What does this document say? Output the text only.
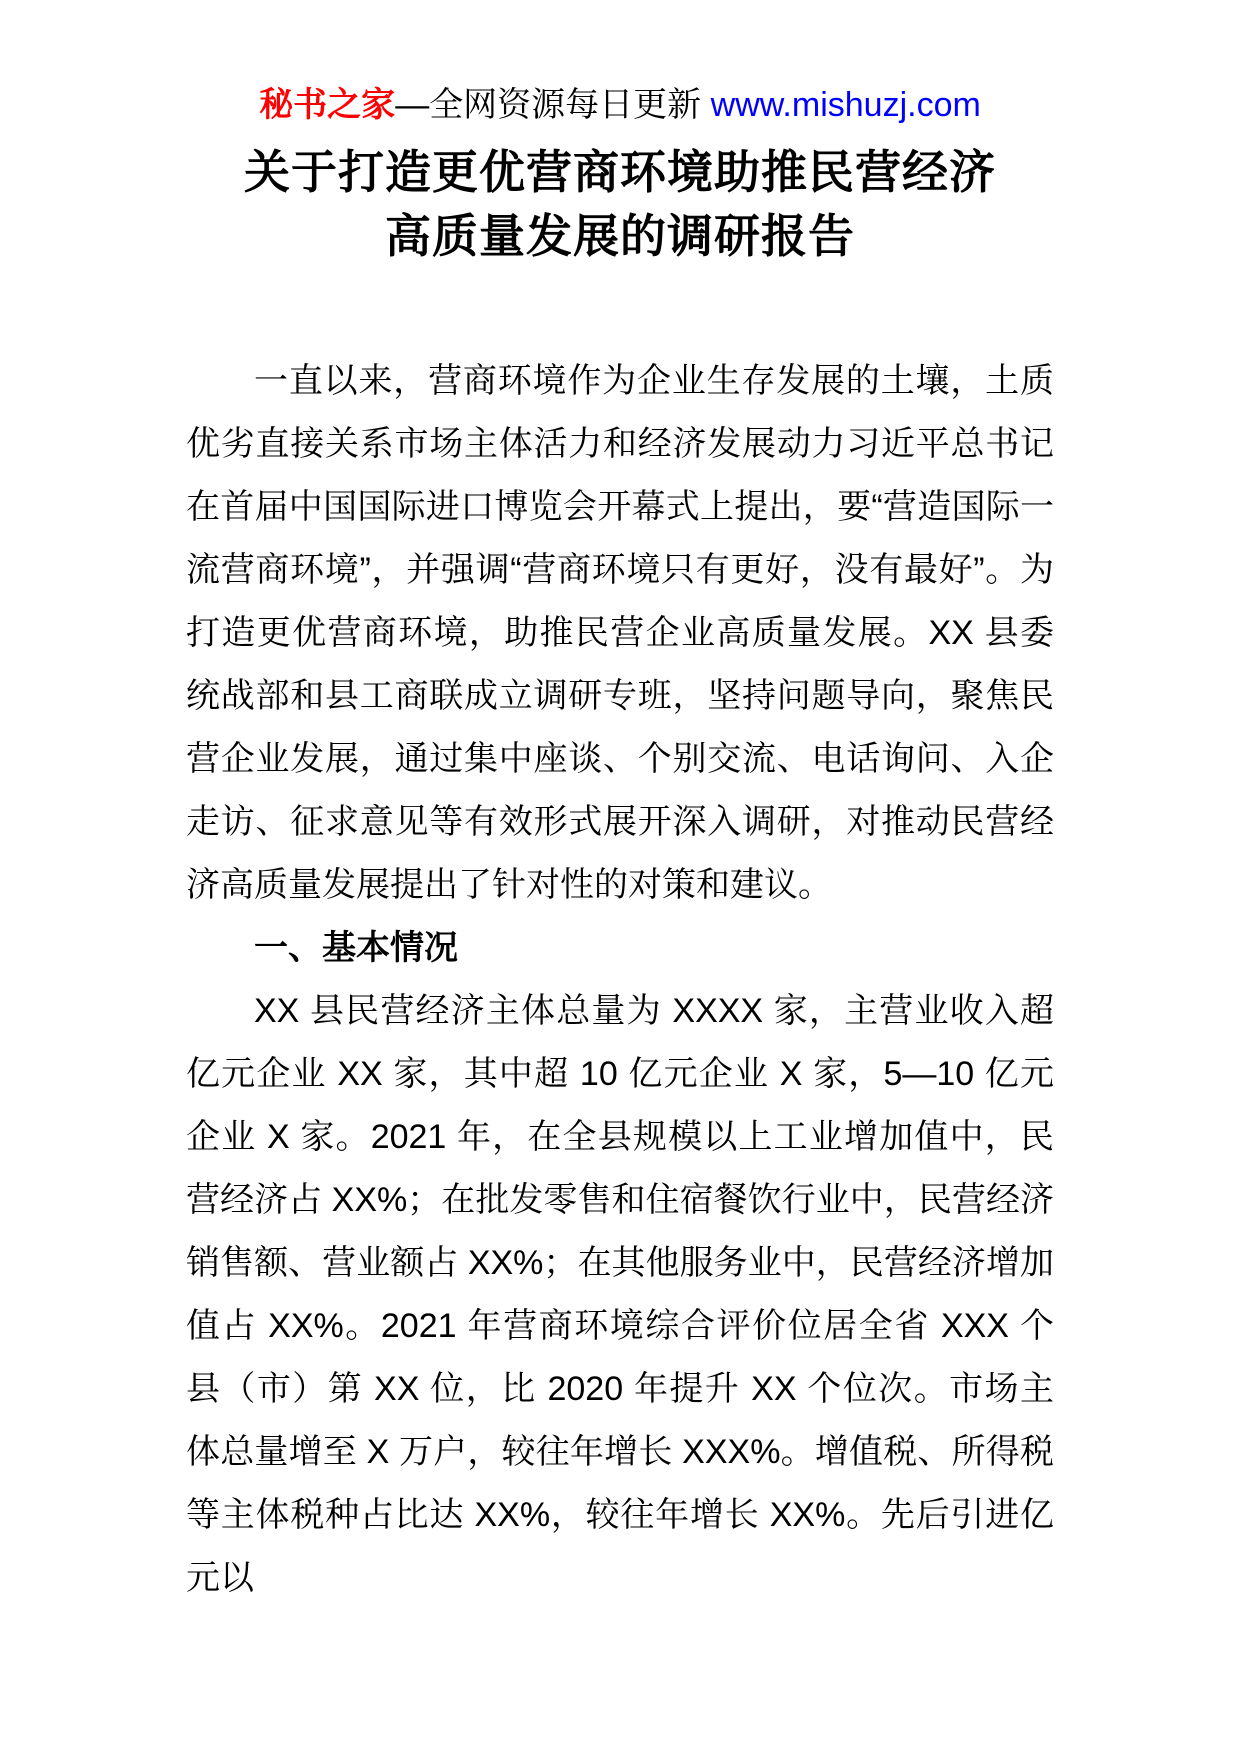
秘书之家—全网资源每日更新 www.mishuzj.com
关于打造更优营商环境助推民营经济
高质量发展的调研报告

一直以来，营商环境作为企业生存发展的土壤，土质优劣直接关系市场主体活力和经济发展动力习近平总书记在首届中国国际进口博览会开幕式上提出，要“营造国际一流营商环境”，并强调“营商环境只有更好，没有最好”。为打造更优营商环境，助推民营企业高质量发展。XX 县委统战部和县工商联成立调研专班，坚持问题导向，聚焦民营企业发展，通过集中座谈、个别交流、电话询问、入企走访、征求意见等有效形式展开深入调研，对推动民营经济高质量发展提出了针对性的对策和建议。

一、基本情况

XX 县民营经济主体总量为 XXXX 家，主营业收入超亿元企业 XX 家，其中超 10 亿元企业 X 家，5—10 亿元企业 X 家。2021 年，在全县规模以上工业增加值中，民营经济占 XX%；在批发零售和住宿餐饮行业中，民营经济销售额、营业额占 XX%；在其他服务业中，民营经济增加值占 XX%。2021 年营商环境综合评价位居全省 XXX 个县（市）第 XX 位，比 2020 年提升 XX 个位次。市场主体总量增至 X 万户，较往年增长 XXX%。增值税、所得税等主体税种占比达 XX%，较往年增长 XX%。先后引进亿元以
